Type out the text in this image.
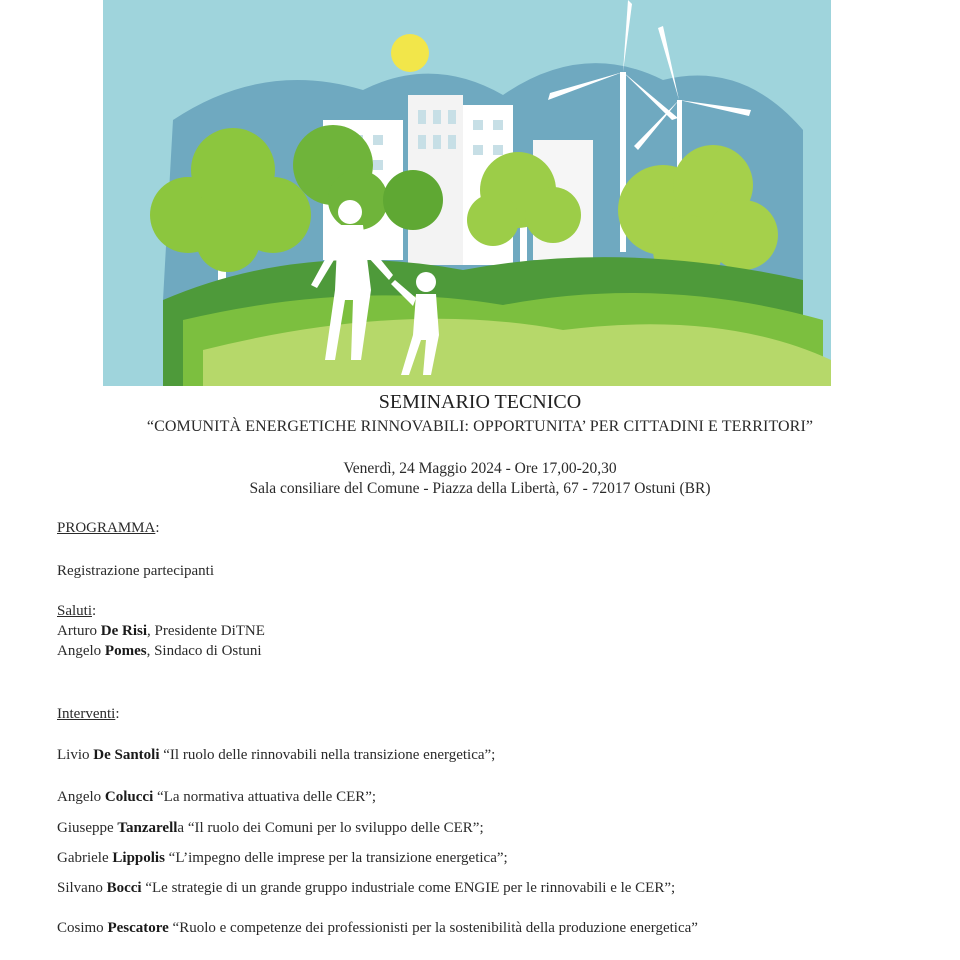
SEMINARIO TECNICO
“COMUNITÀ ENERGETICHE RINNOVABILI: OPPORTUNITA’ PER CITTADINI E TERRITORI”
Venerdì, 24 Maggio 2024 - Ore 17,00-20,30
Sala consiliare del Comune - Piazza della Libertà, 67 - 72017 Ostuni (BR)
PROGRAMMA:
Registrazione partecipanti
Saluti:
Arturo De Risi, Presidente DiTNE
Angelo Pomes, Sindaco di Ostuni
Interventi:
Livio De Santoli “Il ruolo delle rinnovabili nella transizione energetica”;
Angelo Colucci “La normativa attuativa delle CER”;
Giuseppe Tanzarella “Il ruolo dei Comuni per lo sviluppo delle CER”;
Gabriele Lippolis “L’impegno delle imprese per la transizione energetica”;
Silvano Bocci “Le strategie di un grande gruppo industriale come ENGIE per le rinnovabili e le CER”;
Cosimo Pescatore “Ruolo e competenze dei professionisti per la sostenibilità della produzione energetica”
